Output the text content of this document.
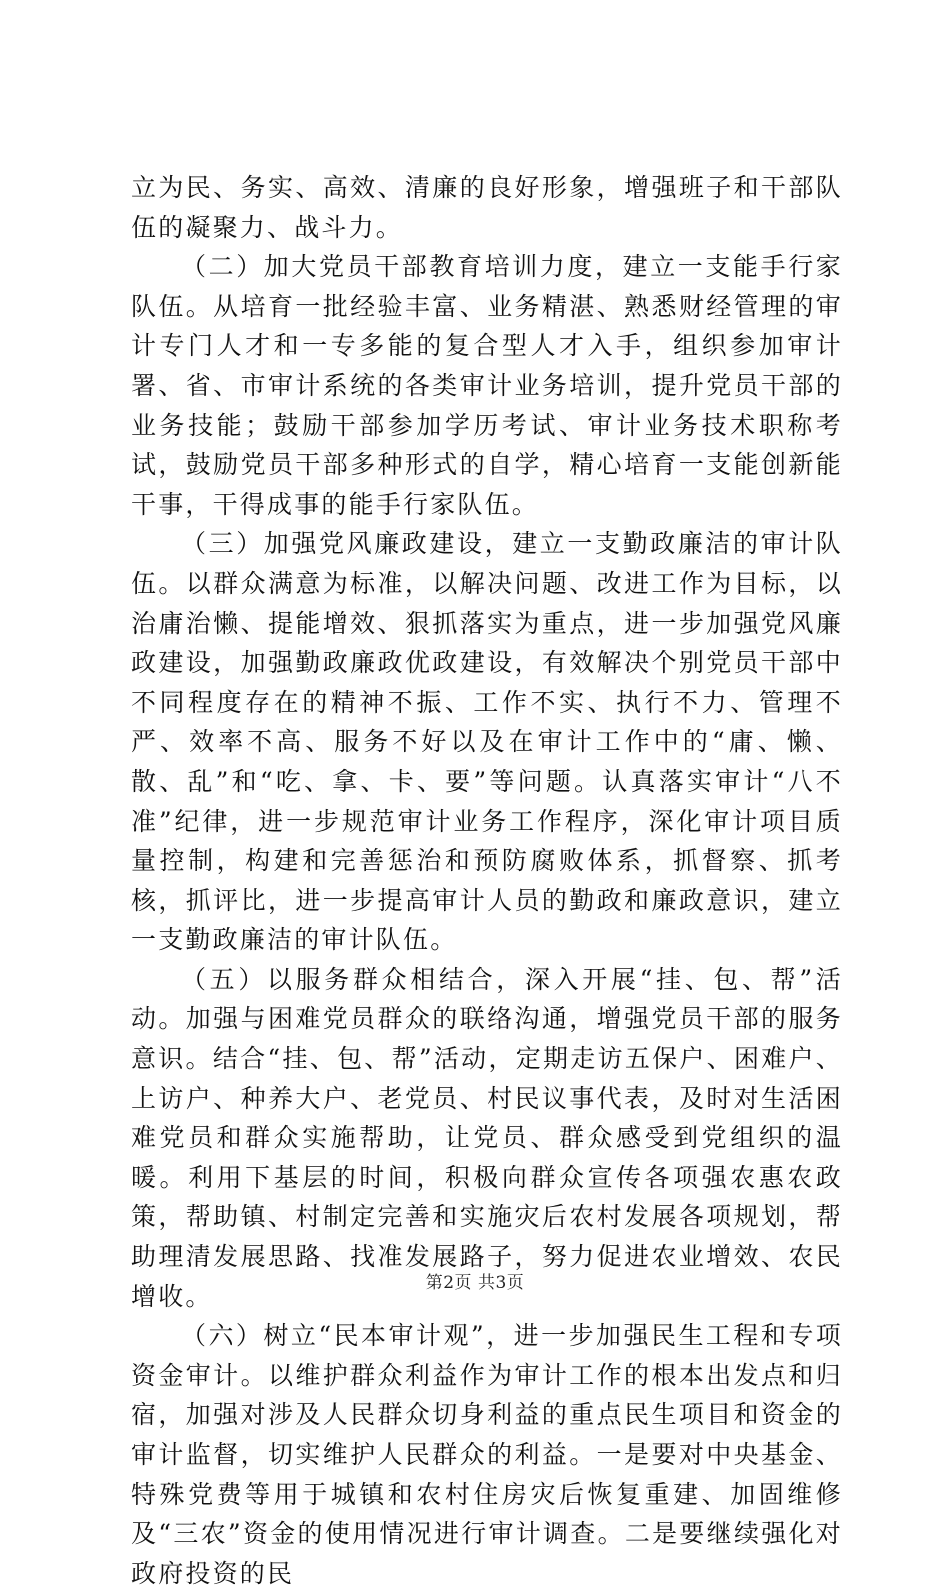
立为民、务实、高效、清廉的良好形象，增强班子和干部队伍的凝聚力、战斗力。

（二）加大党员干部教育培训力度，建立一支能手行家队伍。从培育一批经验丰富、业务精湛、熟悉财经管理的审计专门人才和一专多能的复合型人才入手，组织参加审计署、省、市审计系统的各类审计业务培训，提升党员干部的业务技能；鼓励干部参加学历考试、审计业务技术职称考试，鼓励党员干部多种形式的自学，精心培育一支能创新能干事，干得成事的能手行家队伍。

（三）加强党风廉政建设，建立一支勤政廉洁的审计队伍。以群众满意为标准，以解决问题、改进工作为目标，以治庸治懒、提能增效、狠抓落实为重点，进一步加强党风廉政建设，加强勤政廉政优政建设，有效解决个别党员干部中不同程度存在的精神不振、工作不实、执行不力、管理不严、效率不高、服务不好以及在审计工作中的“庸、懒、散、乱”和“吃、拿、卡、要”等问题。认真落实审计“八不准”纪律，进一步规范审计业务工作程序，深化审计项目质量控制，构建和完善惩治和预防腐败体系，抓督察、抓考核，抓评比，进一步提高审计人员的勤政和廉政意识，建立一支勤政廉洁的审计队伍。

（五）以服务群众相结合，深入开展“挂、包、帮”活动。加强与困难党员群众的联络沟通，增强党员干部的服务意识。结合“挂、包、帮”活动，定期走访五保户、困难户、上访户、种养大户、老党员、村民议事代表，及时对生活困难党员和群众实施帮助，让党员、群众感受到党组织的温暖。利用下基层的时间，积极向群众宣传各项强农惠农政策，帮助镇、村制定完善和实施灾后农村发展各项规划，帮助理清发展思路、找准发展路子，努力促进农业增效、农民增收。

（六）树立“民本审计观”，进一步加强民生工程和专项资金审计。以维护群众利益作为审计工作的根本出发点和归宿，加强对涉及人民群众切身利益的重点民生项目和资金的审计监督，切实维护人民群众的利益。一是要对中央基金、特殊党费等用于城镇和农村住房灾后恢复重建、加固维修及“三农”资金的使用情况进行审计调查。二是要继续强化对政府投资的民

第2页 共3页
